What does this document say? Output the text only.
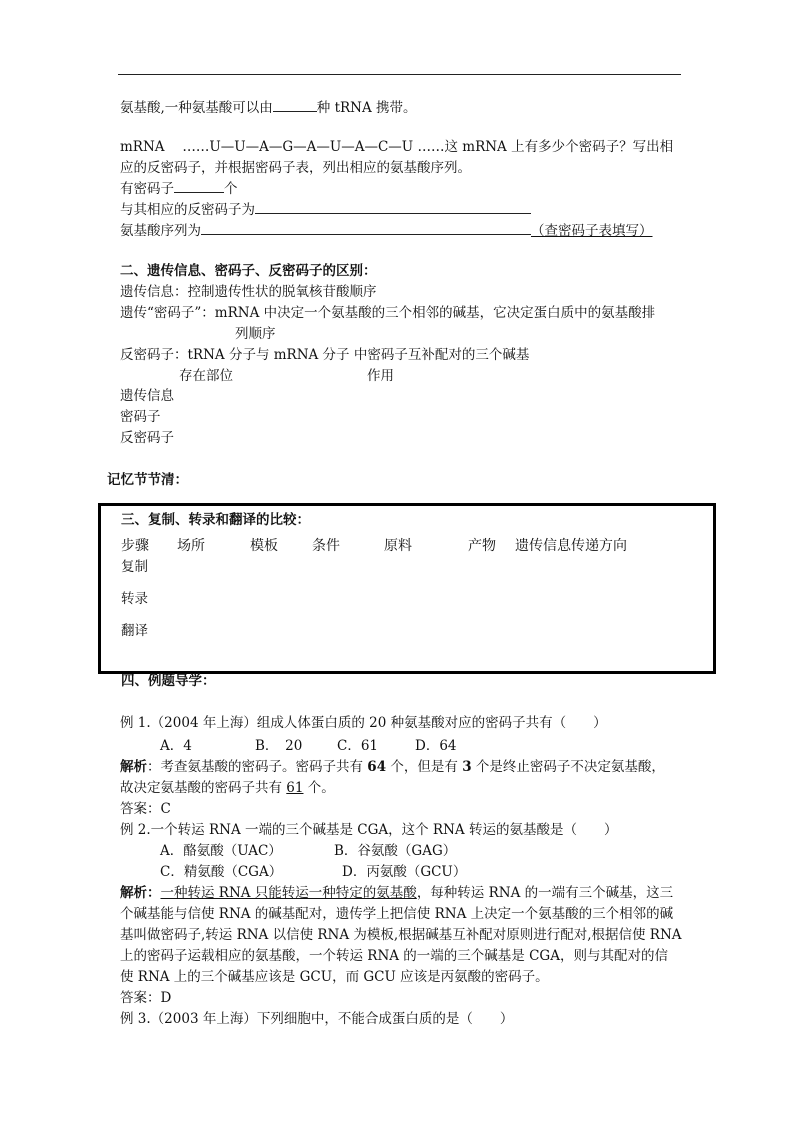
氨基酸,一种氨基酸可以由	种 tRNA 携带。
mRNA　 ……U—U—A—G—A—U—A—C—U ……这 mRNA 上有多少个密码子？写出相
应的反密码子，并根据密码子表，列出相应的氨基酸序列。
有密码子	个
与其相应的反密码子为
氨基酸序列为	（查密码子表填写）
二、遗传信息、密码子、反密码子的区别：
遗传信息：控制遗传性状的脱氧核苷酸顺序
遗传“密码子”：mRNA 中决定一个氨基酸的三个相邻的碱基，它决定蛋白质中的氨基酸排
列顺序
反密码子：tRNA 分子与 mRNA 分子 中密码子互补配对的三个碱基
存在部位	作用
遗传信息
密码子
反密码子
记忆节节清：
三、复制、转录和翻译的比较：
步骤 场所	模板 条件	原料	产物 遗传信息传递方向
复制
转录
翻译
四、例题导学：
例 1.（2004 年上海）组成人体蛋白质的 20 种氨基酸对应的密码子共有（　　）
A．4	B．　20	C．61	D．64
解析：考查氨基酸的密码子。密码子共有 64 个，但是有 3 个是终止密码子不决定氨基酸，
故决定氨基酸的密码子共有 61 个。
答案：C
例 2.一个转运 RNA 一端的三个碱基是 CGA，这个 RNA 转运的氨基酸是（　　）
A．酪氨酸（UAC）	B．谷氨酸（GAG）
C．精氨酸（CGA）	D．丙氨酸（GCU）
解析：一种转运 RNA 只能转运一种特定的氨基酸，每种转运 RNA 的一端有三个碱基，这三
个碱基能与信使 RNA 的碱基配对，遗传学上把信使 RNA 上决定一个氨基酸的三个相邻的碱
基叫做密码子,转运 RNA 以信使 RNA 为模板,根据碱基互补配对原则进行配对,根据信使 RNA
上的密码子运载相应的氨基酸，一个转运 RNA 的一端的三个碱基是 CGA，则与其配对的信
使 RNA 上的三个碱基应该是 GCU，而 GCU 应该是丙氨酸的密码子。
答案：D
例 3.（2003 年上海）下列细胞中，不能合成蛋白质的是（　　）
